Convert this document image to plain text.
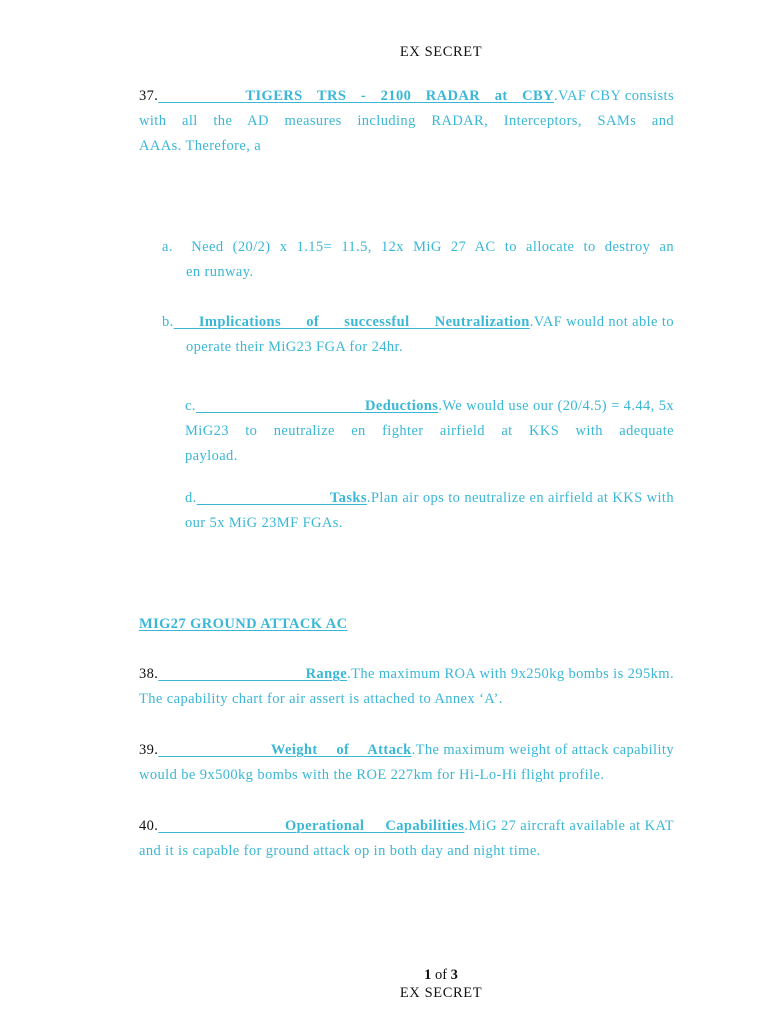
EX SECRET
37.	TIGERS TRS - 2100 RADAR at CBY. VAF CBY consists
with all the AD measures including RADAR, Interceptors, SAMs and
AAAs. Therefore, a
a. Need (20/2) x 1.15= 11.5, 12x MiG 27 AC to allocate to destroy an
en runway.
b. Implications of successful Neutralization. VAF would not able to
operate their MiG23 FGA for 24hr.
c.	Deductions. We would use our (20/4.5) = 4.44, 5x
MiG23 to neutralize en fighter airfield at KKS with adequate
payload.
d.	Tasks. Plan air ops to neutralize en airfield at KKS with
our 5x MiG 23MF FGAs.
MIG27 GROUND ATTACK AC
38.	Range. The maximum ROA with 9x250kg bombs is 295km.
The capability chart for air assert is attached to Annex ‘A’.
39.	Weight of Attack. The maximum weight of attack capability
would be 9x500kg bombs with the ROE 227km for Hi-Lo-Hi flight profile.
40.	Operational Capabilities. MiG 27 aircraft available at KAT
and it is capable for ground attack op in both day and night time.
1 of 3
EX SECRET
